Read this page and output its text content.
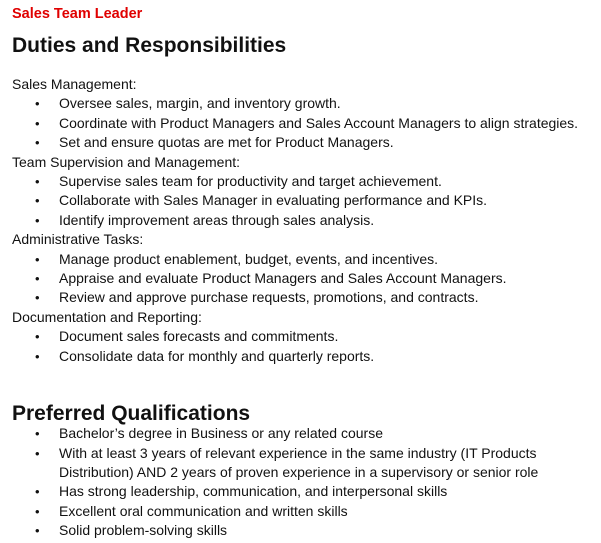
Sales Team Leader
Duties and Responsibilities

Sales Management:

• Oversee sales, margin, and inventory growth.
• Coordinate with Product Managers and Sales Account Managers to align strategies.
• Set and ensure quotas are met for Product Managers.

Team Supervision and Management:

• Supervise sales team for productivity and target achievement.
• Collaborate with Sales Manager in evaluating performance and KPIs.
• Identify improvement areas through sales analysis.

Administrative Tasks:

• Manage product enablement, budget, events, and incentives.
• Appraise and evaluate Product Managers and Sales Account Managers.
• Review and approve purchase requests, promotions, and contracts.

Documentation and Reporting:

• Document sales forecasts and commitments.
• Consolidate data for monthly and quarterly reports.
Preferred Qualifications
• Bachelor’s degree in Business or any related course
• With at least 3 years of relevant experience in the same industry (IT Products Distribution) AND 2 years of proven experience in a supervisory or senior role
• Has strong leadership, communication, and interpersonal skills
• Excellent oral communication and written skills
• Solid problem-solving skills
